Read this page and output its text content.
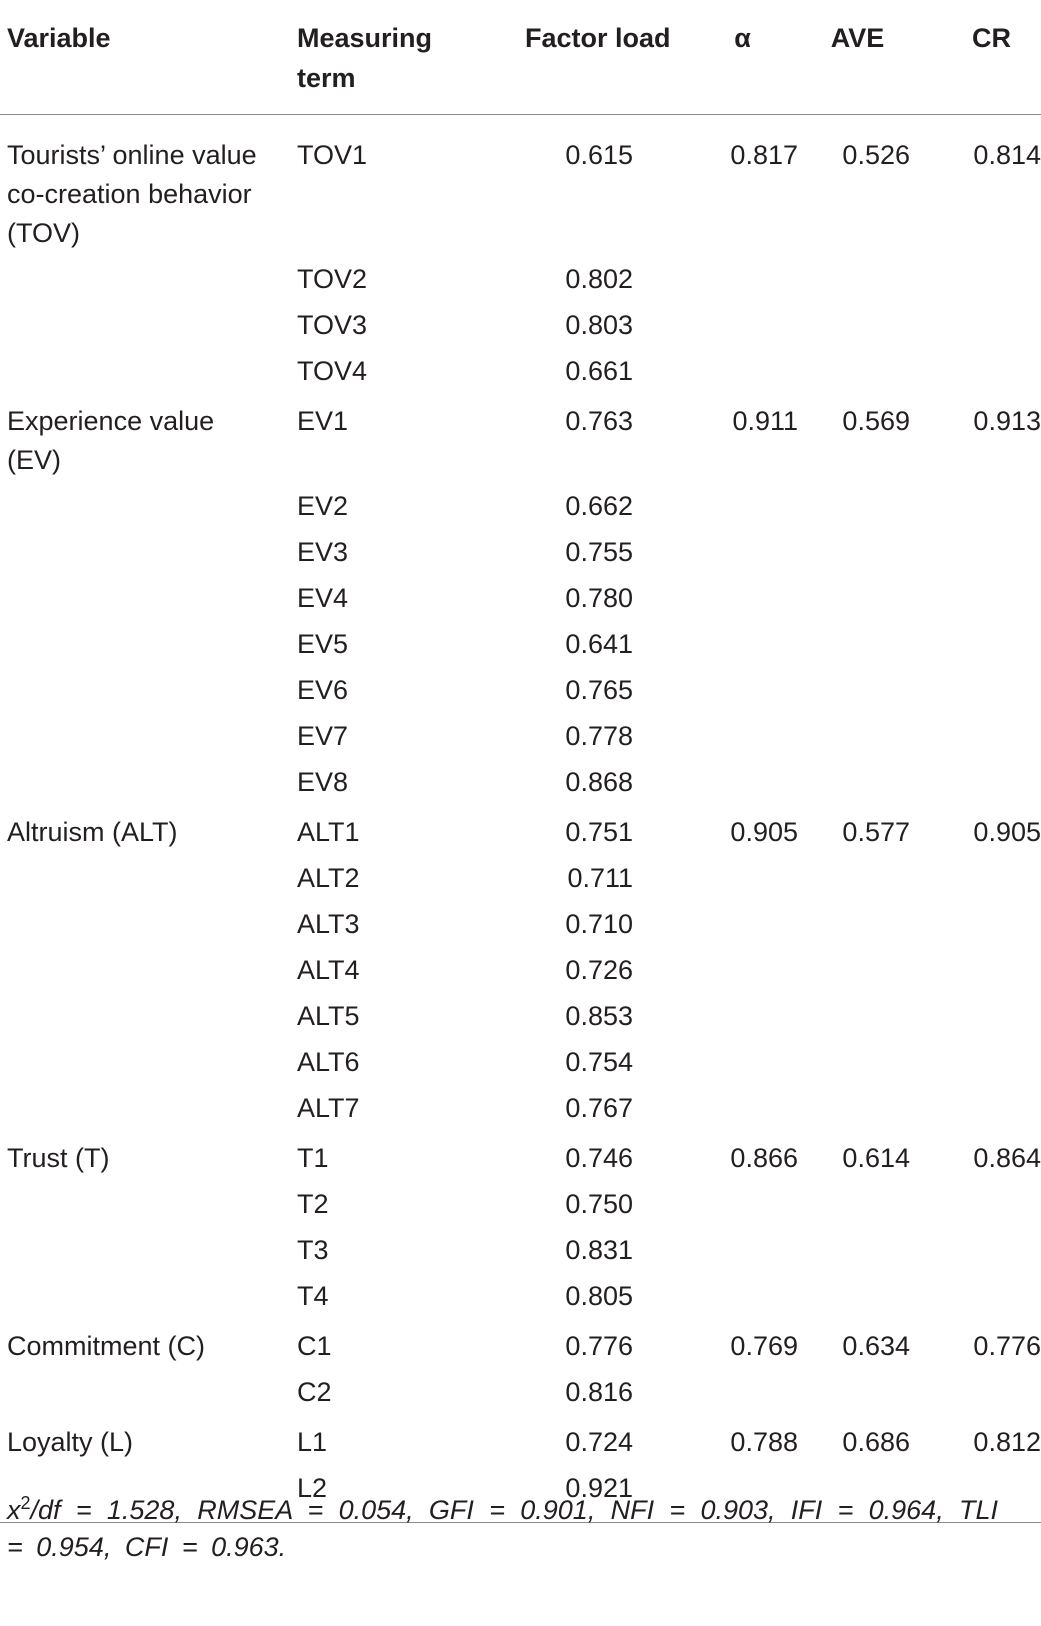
Variable	Measuring term	Factor load	α	AVE	CR
Tourists’ online value co-creation behavior (TOV)	TOV1	0.615	0.817	0.526	0.814
	TOV2	0.802			
	TOV3	0.803			
	TOV4	0.661			
Experience value (EV)	EV1	0.763	0.911	0.569	0.913
	EV2	0.662			
	EV3	0.755			
	EV4	0.780			
	EV5	0.641			
	EV6	0.765			
	EV7	0.778			
	EV8	0.868			
Altruism (ALT)	ALT1	0.751	0.905	0.577	0.905
	ALT2	0.711			
	ALT3	0.710			
	ALT4	0.726			
	ALT5	0.853			
	ALT6	0.754			
	ALT7	0.767			
Trust (T)	T1	0.746	0.866	0.614	0.864
	T2	0.750			
	T3	0.831			
	T4	0.805			
Commitment (C)	C1	0.776	0.769	0.634	0.776
	C2	0.816			
Loyalty (L)	L1	0.724	0.788	0.686	0.812
	L2	0.921			
$x^2/df = 1.528$, RMSEA = 0.054, GFI = 0.901, NFI = 0.903, IFI = 0.964, TLI = 0.954, CFI = 0.963.
